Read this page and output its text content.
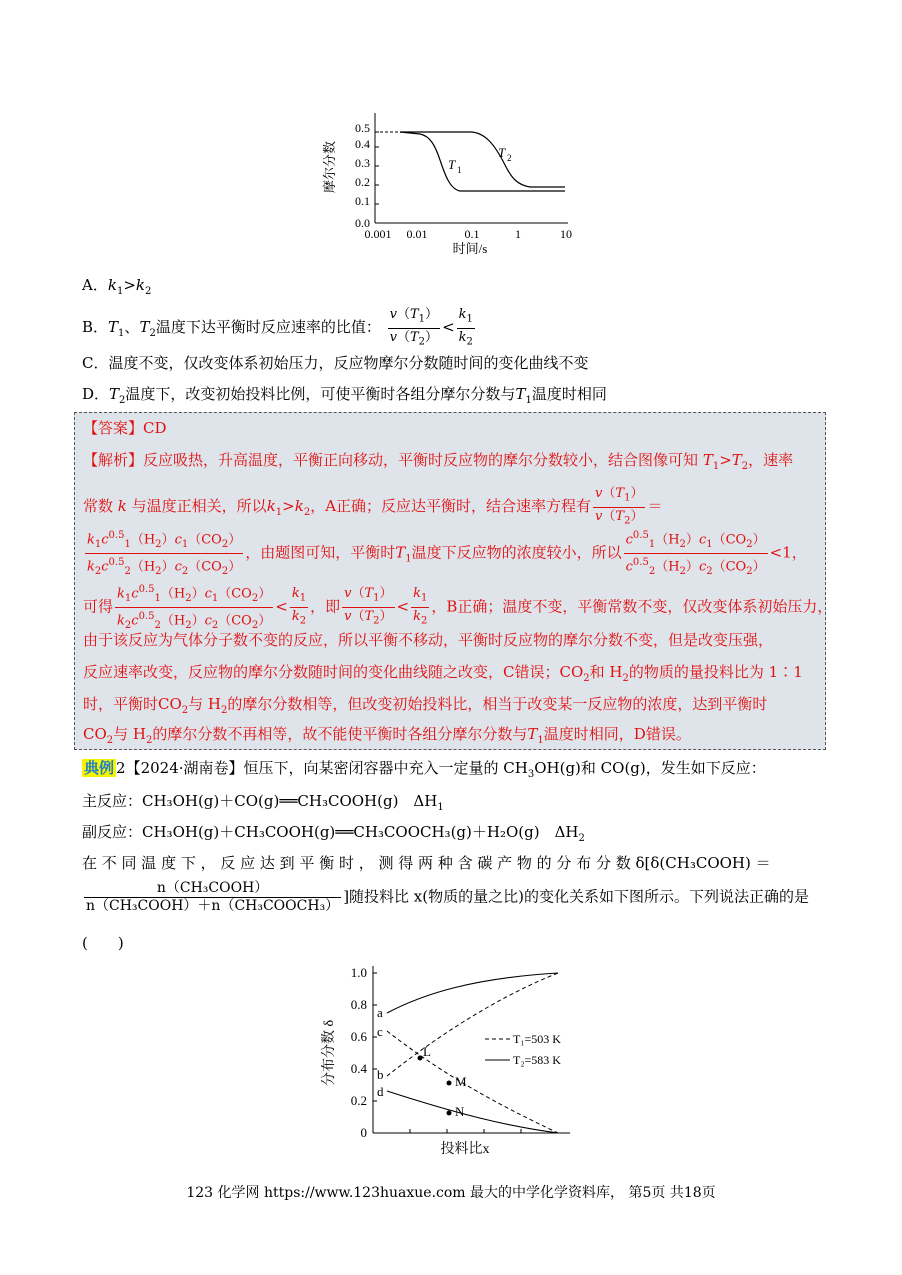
摩尔分数
0.0
0.1
0.2
0.3
0.4
0.5
0.001 0.01	0.1	1	10
时间/s
T 1
T 2
A．$k_1>k_2$
B．$T_1$、$T_2$温度下达平衡时反应速率的比值： $\frac{v(T_1)}{v(T_2)} < \frac{k_1}{k_2}$
C．温度不变，仅改变体系初始压力，反应物摩尔分数随时间的变化曲线不变
D．$T_2$温度下，改变初始投料比例，可使平衡时各组分摩尔分数与$T_1$温度时相同
【答案】CD
【解析】反应吸热，升高温度，平衡正向移动，平衡时反应物的摩尔分数较小，结合图像可知 $T_1>T_2$，速率
常数 k 与温度正相关，所以$k_1>k_2$，A正确；反应达平衡时，结合速率方程有 $\frac{v(T_1)}{v(T_2)}$ ＝
$\frac{k_1c^{0.5}_1(H_2)c_1(CO_2)}{k_2c^{0.5}_2(H_2)c_2(CO_2)}$ ，由题图可知，平衡时$T_1$温度下反应物的浓度较小，所以 $\frac{c^{0.5}_1(H_2)c_1(CO_2)}{c^{0.5}_2(H_2)c_2(CO_2)} <1$，
可得 $\frac{k_1c^{0.5}_1(H_2)c_1(CO_2)}{k_2c^{0.5}_2(H_2)c_2(CO_2)} < \frac{k_1}{k_2}$ ，即 $\frac{v(T_1)}{v(T_2)} < \frac{k_1}{k_2}$ ，B正确；温度不变，平衡常数不变，仅改变体系初始压力，
由于该反应为气体分子数不变的反应，所以平衡不移动，平衡时反应物的摩尔分数不变，但是改变压强，
反应速率改变，反应物的摩尔分数随时间的变化曲线随之改变，C错误；$CO_2$和 $H_2$的物质的量投料比为 1∶1
时，平衡时$CO_2$与 $H_2$的摩尔分数相等，但改变初始投料比，相当于改变某一反应物的浓度，达到平衡时
$CO_2$与 $H_2$的摩尔分数不再相等，故不能使平衡时各组分摩尔分数与$T_1$温度时相同，D错误。
典例 2【2024·湖南卷】恒压下，向某密闭容器中充入一定量的 $CH_3OH(g)$和 CO(g)，发生如下反应：
主反应：CH₃OH(g)＋CO(g)══CH₃COOH(g)　$\Delta H_1$
副反应：CH₃OH(g)＋CH₃COOH(g)══CH₃COOCH₃(g)＋H₂O(g)　$\Delta H_2$
在 不 同 温 度 下 ， 反 应 达 到 平 衡 时 ， 测 得 两 种 含 碳 产 物 的 分 布 分 数 δ[δ(CH₃COOH) ＝
$\frac{\text{n（CH₃COOH）}}{\text{n（CH₃COOH）＋n（CH₃COOCH₃）}}$ ]随投料比 x(物质的量之比)的变化关系如下图所示。下列说法正确的是
(　　)
分布分数 δ
0
0.2
0.4
0.6
0.8
1.0
投料比x
a
b
c
d
L
M
N
T₁=503 K
T₂=583 K
123 化学网 https://www.123huaxue.com 最大的中学化学资料库， 第5页 共18页
